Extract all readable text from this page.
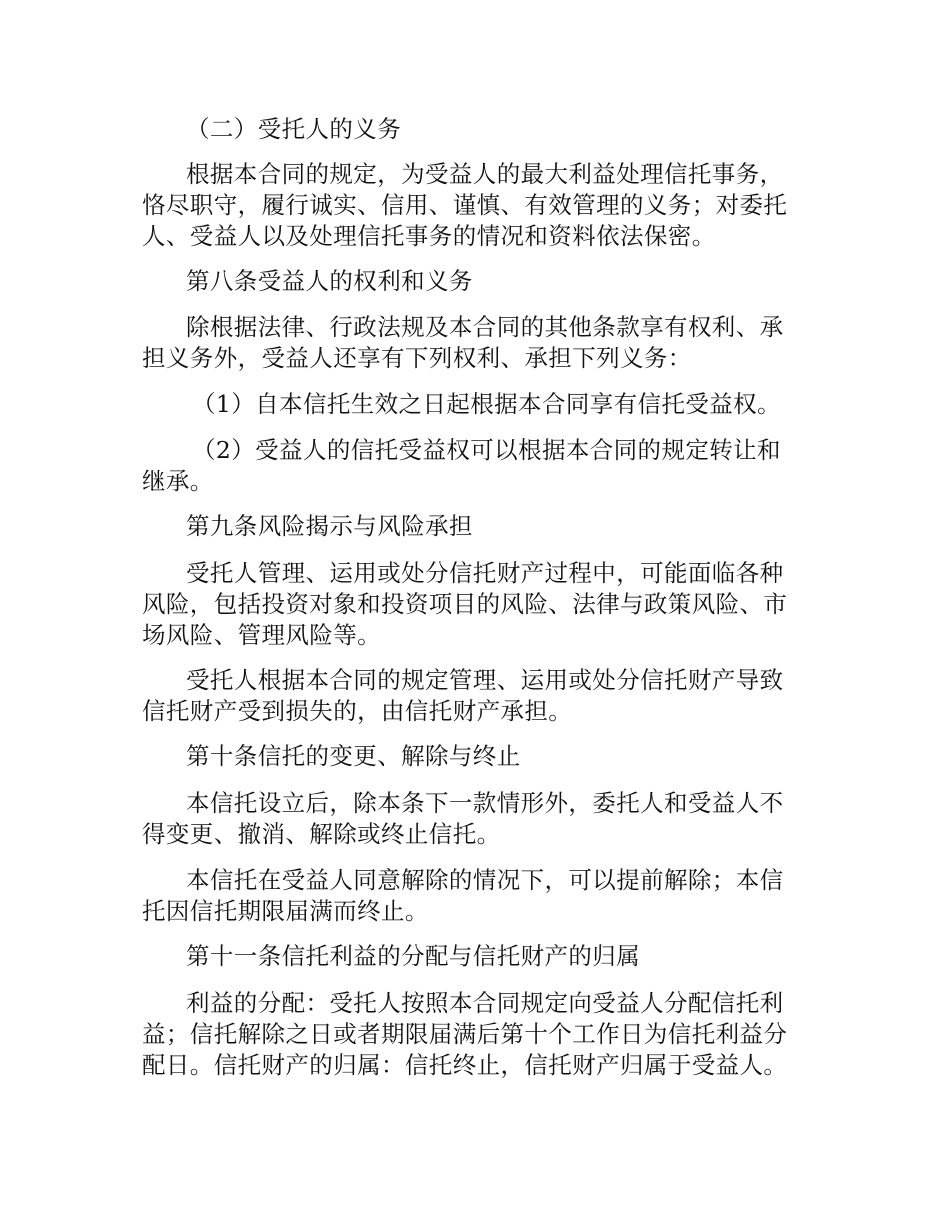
（二）受托人的义务
根据本合同的规定，为受益人的最大利益处理信托事务，
恪尽职守，履行诚实、信用、谨慎、有效管理的义务；对委托
人、受益人以及处理信托事务的情况和资料依法保密。
第八条受益人的权利和义务
除根据法律、行政法规及本合同的其他条款享有权利、承
担义务外，受益人还享有下列权利、承担下列义务：
（1）自本信托生效之日起根据本合同享有信托受益权。
（2）受益人的信托受益权可以根据本合同的规定转让和
继承。
第九条风险揭示与风险承担
受托人管理、运用或处分信托财产过程中，可能面临各种
风险，包括投资对象和投资项目的风险、法律与政策风险、市
场风险、管理风险等。
受托人根据本合同的规定管理、运用或处分信托财产导致
信托财产受到损失的，由信托财产承担。
第十条信托的变更、解除与终止
本信托设立后，除本条下一款情形外，委托人和受益人不
得变更、撤消、解除或终止信托。
本信托在受益人同意解除的情况下，可以提前解除；本信
托因信托期限届满而终止。
第十一条信托利益的分配与信托财产的归属
利益的分配：受托人按照本合同规定向受益人分配信托利
益；信托解除之日或者期限届满后第十个工作日为信托利益分
配日。信托财产的归属：信托终止，信托财产归属于受益人。
